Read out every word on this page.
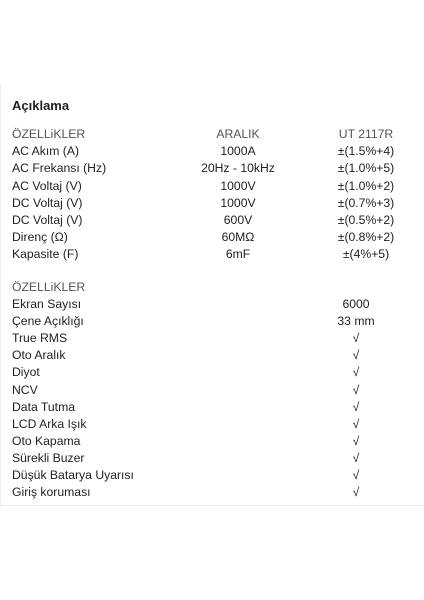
Açıklama
ÖZELLiKLER	ARALIK	UT 2117R
AC Akım (A)	1000A	±(1.5%+4)
AC Frekansı (Hz)	20Hz - 10kHz	±(1.0%+5)
AC Voltaj (V)	1000V	±(1.0%+2)
DC Voltaj (V)	1000V	±(0.7%+3)
DC Voltaj (V)	600V	±(0.5%+2)
Direnç (Ω)	60MΩ	±(0.8%+2)
Kapasite (F)	6mF	±(4%+5)
ÖZELLiKLER
Ekran Sayısı	6000
Çene Açıklığı	33 mm
True RMS	√
Oto Aralık	√
Diyot	√
NCV	√
Data Tutma	√
LCD Arka Işık	√
Oto Kapama	√
Sürekli Buzer	√
Düşük Batarya Uyarısı	√
Giriş koruması	√
